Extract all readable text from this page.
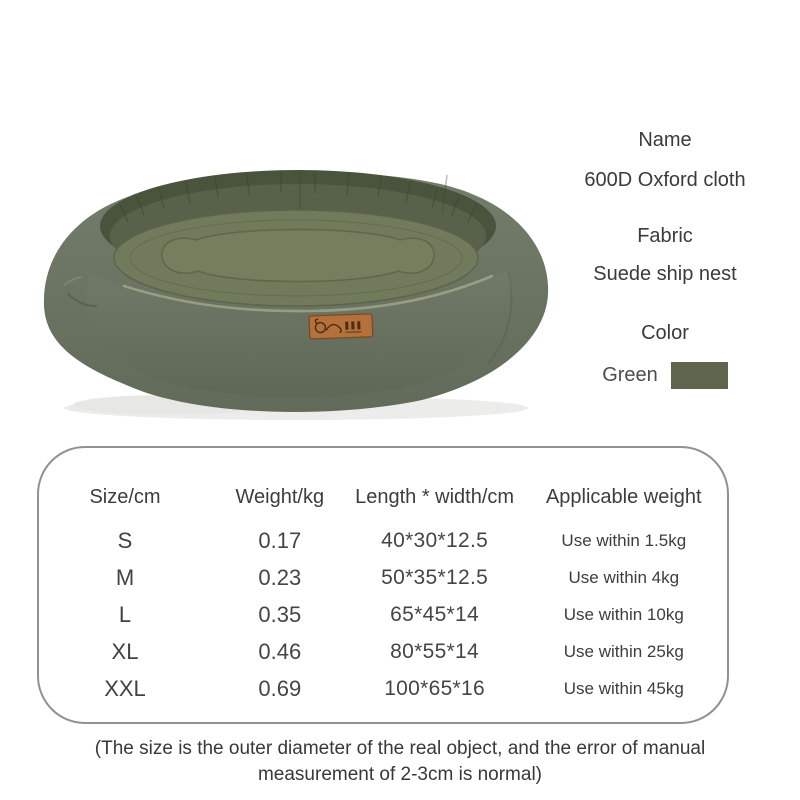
Name
600D Oxford cloth
Fabric
Suede ship nest
Color
Green
Size/cm	Weight/kg	Length * width/cm	Applicable weight
S	0.17	40*30*12.5	Use within 1.5kg
M	0.23	50*35*12.5	Use within 4kg
L	0.35	65*45*14	Use within 10kg
XL	0.46	80*55*14	Use within 25kg
XXL	0.69	100*65*16	Use within 45kg
(The size is the outer diameter of the real object, and the error of manual
measurement of 2-3cm is normal)
